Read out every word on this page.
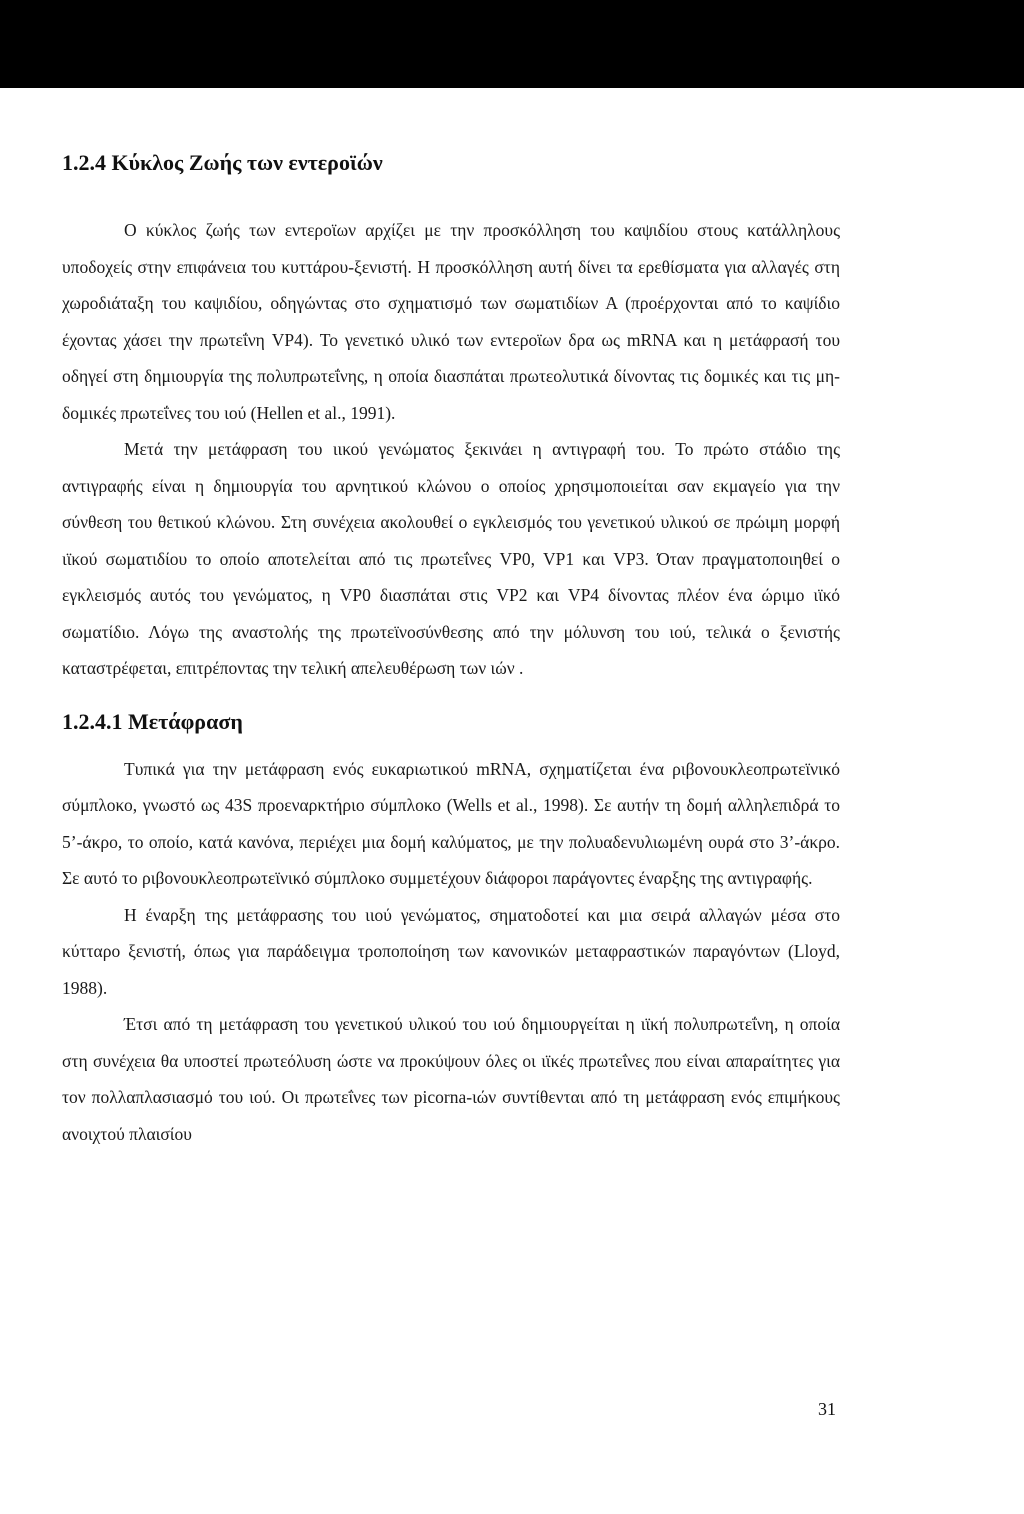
1.2.4 Κύκλος Ζωής των εντεροϊών

Ο κύκλος ζωής των εντεροϊων αρχίζει με την προσκόλληση του καψιδίου στους κατάλληλους υποδοχείς στην επιφάνεια του κυττάρου-ξενιστή. Η προσκόλληση αυτή δίνει τα ερεθίσματα για αλλαγές στη χωροδιάταξη του καψιδίου, οδηγώντας στο σχηματισμό των σωματιδίων Α (προέρχονται από το καψίδιο έχοντας χάσει την πρωτεΐνη VP4). Το γενετικό υλικό των εντεροϊων δρα ως mRNA και η μετάφρασή του οδηγεί στη δημιουργία της πολυπρωτεΐνης, η οποία διασπάται πρωτεολυτικά δίνοντας τις δομικές και τις μη-δομικές πρωτεΐνες του ιού (Hellen et al., 1991).

Μετά την μετάφραση του ιικού γενώματος ξεκινάει η αντιγραφή του. Το πρώτο στάδιο της αντιγραφής είναι η δημιουργία του αρνητικού κλώνου ο οποίος χρησιμοποιείται σαν εκμαγείο για την σύνθεση του θετικού κλώνου. Στη συνέχεια ακολουθεί ο εγκλεισμός του γενετικού υλικού σε πρώιμη μορφή ιϊκού σωματιδίου το οποίο αποτελείται από τις πρωτεΐνες VP0, VP1 και VP3. Όταν πραγματοποιηθεί ο εγκλεισμός αυτός του γενώματος, η VP0 διασπάται στις VP2 και VP4 δίνοντας πλέον ένα ώριμο ιϊκό σωματίδιο. Λόγω της αναστολής της πρωτεϊνοσύνθεσης από την μόλυνση του ιού, τελικά ο ξενιστής καταστρέφεται, επιτρέποντας την τελική απελευθέρωση των ιών .

1.2.4.1 Μετάφραση

Τυπικά για την μετάφραση ενός ευκαριωτικού mRNA, σχηματίζεται ένα ριβονουκλεοπρωτεϊνικό σύμπλοκο, γνωστό ως 43S προεναρκτήριο σύμπλοκο (Wells et al., 1998). Σε αυτήν τη δομή αλληλεπιδρά το 5’-άκρο, το οποίο, κατά κανόνα, περιέχει μια δομή καλύματος, με την πολυαδενυλιωμένη ουρά στο 3’-άκρο. Σε αυτό το ριβονουκλεοπρωτεϊνικό σύμπλοκο συμμετέχουν διάφοροι παράγοντες έναρξης της αντιγραφής.

Η έναρξη της μετάφρασης του ιιού γενώματος, σηματοδοτεί και μια σειρά αλλαγών μέσα στο κύτταρο ξενιστή, όπως για παράδειγμα τροποποίηση των κανονικών μεταφραστικών παραγόντων (Lloyd, 1988).

Έτσι από τη μετάφραση του γενετικού υλικού του ιού δημιουργείται η ιϊκή πολυπρωτεΐνη, η οποία στη συνέχεια θα υποστεί πρωτεόλυση ώστε να προκύψουν όλες οι ιϊκές πρωτεΐνες που είναι απαραίτητες για τον πολλαπλασιασμό του ιού. Οι πρωτεΐνες των picorna-ιών συντίθενται από τη μετάφραση ενός επιμήκους ανοιχτού πλαισίου

31
